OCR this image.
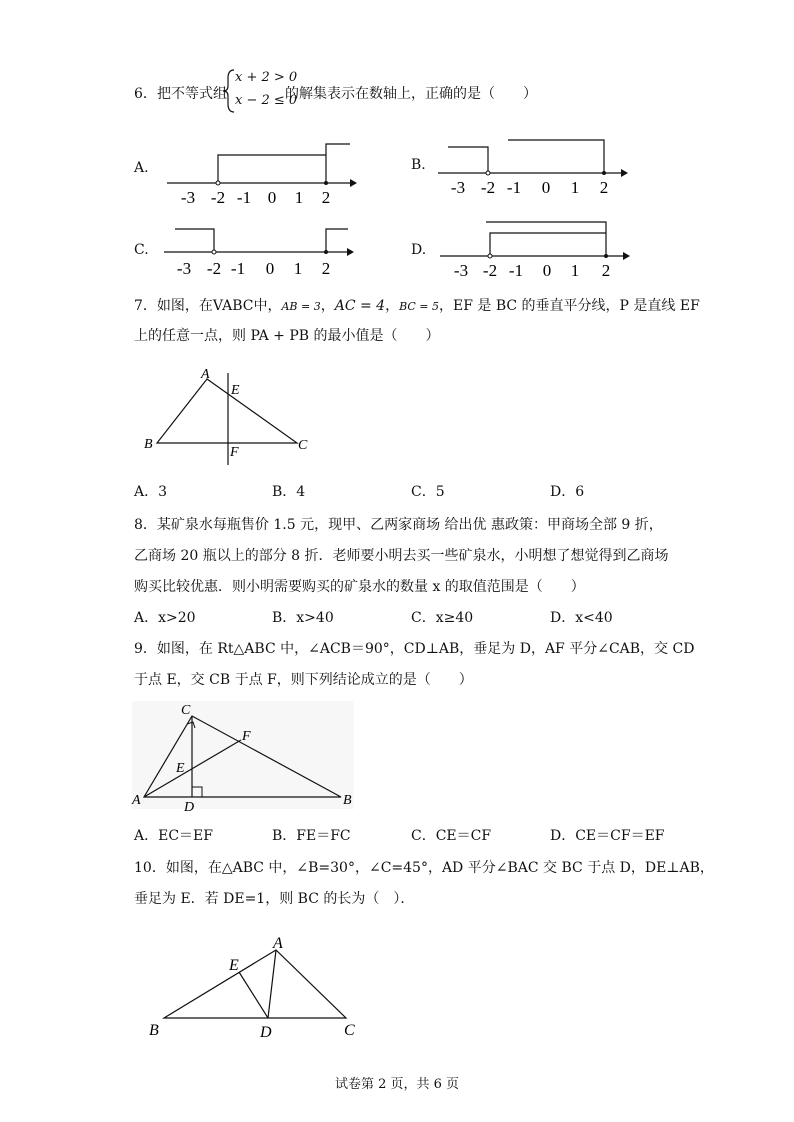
6． 把不等式组
x + 2 > 0
x − 2 ≤ 0
的解集表示在数轴上，正确的是（　　）
A.
-3 -2 -1 0 1 2
B.
-3 -2 -1 0 1 2
C.
-3 -2 -1 0 1 2
D.
-3 -2 -1 0 1 2
7．如图，在VABC中，AB = 3，AC = 4，BC = 5，EF 是 BC 的垂直平分线，P 是直线 EF
上的任意一点，则 PA + PB 的最小值是（　　）
A
E
B
F	C
A．3	B．4	C．5	D．6
8．某矿泉水每瓶售价 1.5 元，现甲、乙两家商场 给出优 惠政策：甲商场全部 9 折，
乙商场 20 瓶以上的部分 8 折．老师要小明去买一些矿泉水，小明想了想觉得到乙商场
购买比较优惠．则小明需要购买的矿泉水的数量 x 的取值范围是（　　）
A．x>20	B．x>40	C．x≥40	D．x<40
9．如图，在 Rt△ABC 中，∠ACB＝90°，CD⊥AB，垂足为 D，AF 平分∠CAB，交 CD
于点 E，交 CB 于点 F，则下列结论成立的是（　　）
C
F
E
A	D	B
A．EC＝EF	B．FE＝FC	C．CE＝CF	D．CE＝CF＝EF
10．如图，在△ABC 中，∠B=30°，∠C=45°，AD 平分∠BAC 交 BC 于点 D，DE⊥AB，
垂足为 E．若 DE=1，则 BC 的长为（　）．
A
E
B	D	C
试卷第 2 页，共 6 页
